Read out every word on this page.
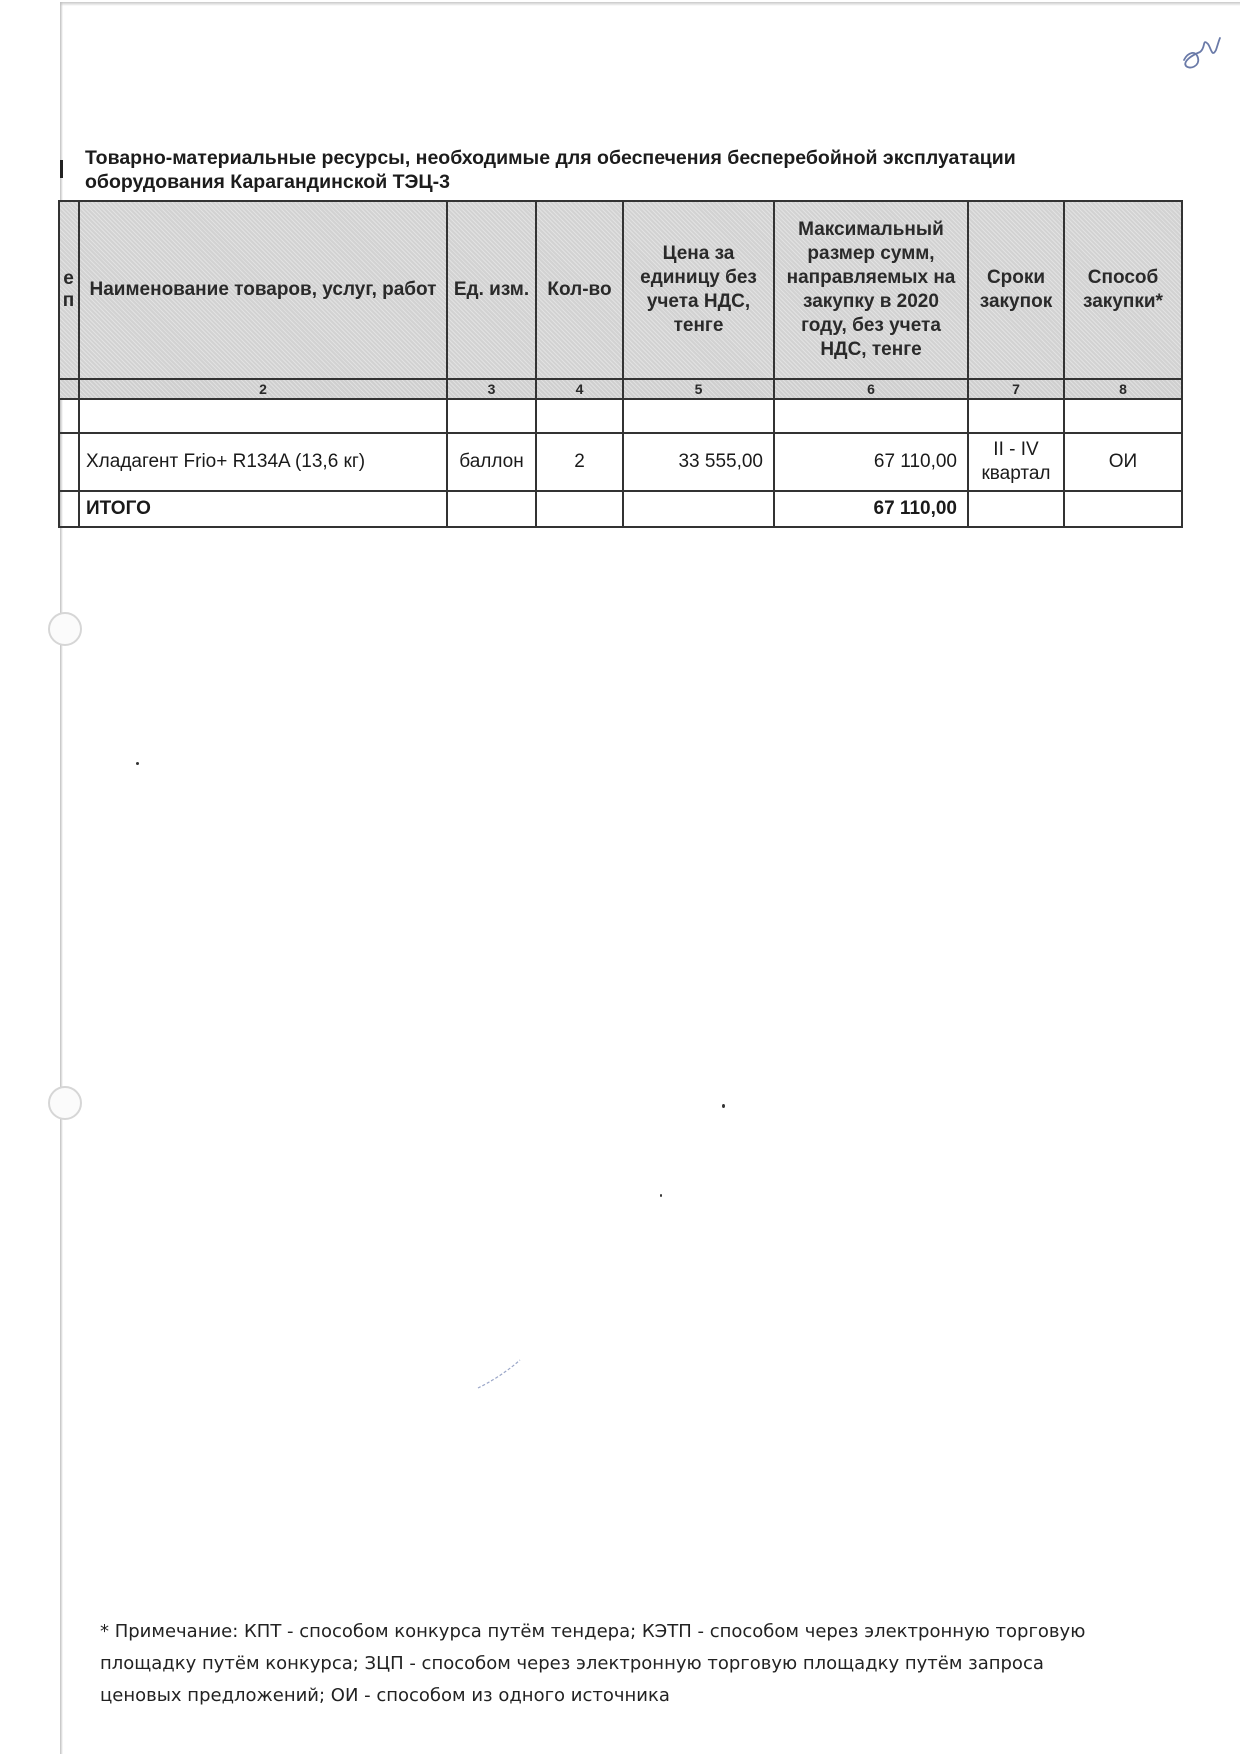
Товарно-материальные ресурсы, необходимые для обеспечения бесперебойной эксплуатации
оборудования Карагандинской ТЭЦ-3
е
п	Наименование товаров, услуг, работ	Ед. изм.	Кол-во	Цена за единицу без учета НДС, тенге	Максимальный размер сумм, направляемых на закупку в 2020 году, без учета НДС, тенге	Сроки закупок	Способ закупки*
	2	3	4	5	6	7	8

	Хладагент Frio+ R134A (13,6 кг)	баллон	2	33 555,00	67 110,00	II - IV квартал	ОИ
	ИТОГО				67 110,00		
* Примечание: КПТ - способом конкурса путём тендера; КЭТП - способом через электронную торговую площадку путём конкурса; ЗЦП - способом через электронную торговую площадку путём запроса ценовых предложений; ОИ - способом из одного источника
